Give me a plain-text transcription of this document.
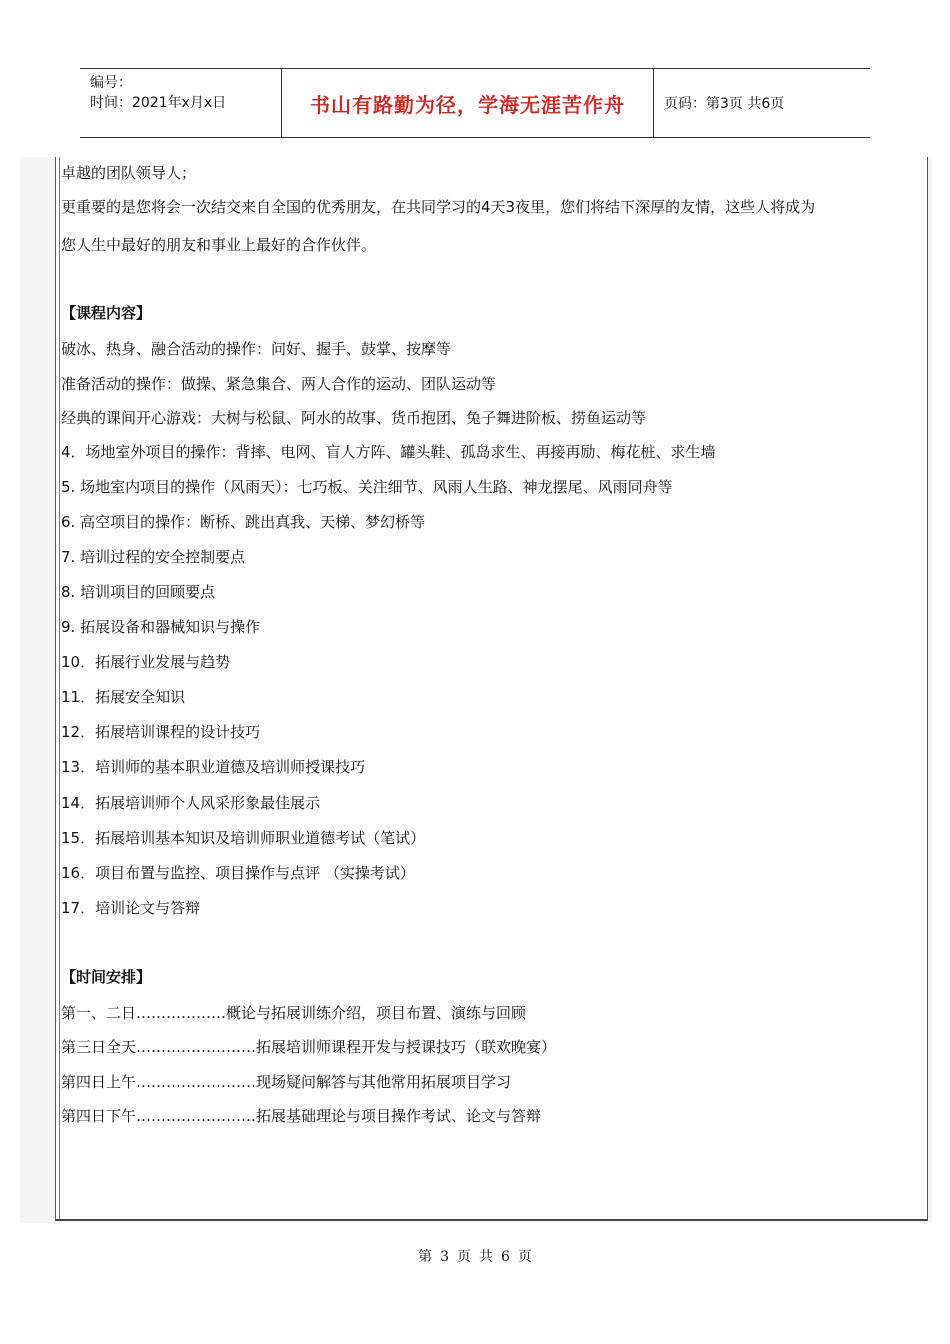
编号：
时间：2021年x月x日	书山有路勤为径，学海无涯苦作舟	页码：第3页 共6页
卓越的团队领导人；
更重要的是您将会一次结交来自全国的优秀朋友，在共同学习的4天3夜里，您们将结下深厚的友情，这些人将成为
您人生中最好的朋友和事业上最好的合作伙伴。
【课程内容】
破冰、热身、融合活动的操作：问好、握手、鼓掌、按摩等
准备活动的操作：做操、紧急集合、两人合作的运动、团队运动等
经典的课间开心游戏：大树与松鼠、阿水的故事、货币抱团、兔子舞进阶板、捞鱼运动等
4．场地室外项目的操作：背摔、电网、盲人方阵、罐头鞋、孤岛求生、再接再励、梅花桩、求生墙
5. 场地室内项目的操作（风雨天）：七巧板、关注细节、风雨人生路、神龙摆尾、风雨同舟等
6. 高空项目的操作：断桥、跳出真我、天梯、梦幻桥等
7. 培训过程的安全控制要点
8. 培训项目的回顾要点
9. 拓展设备和器械知识与操作
10．拓展行业发展与趋势
11．拓展安全知识
12．拓展培训课程的设计技巧
13．培训师的基本职业道德及培训师授课技巧
14．拓展培训师个人风采形象最佳展示
15．拓展培训基本知识及培训师职业道德考试（笔试）
16．项目布置与监控、项目操作与点评 （实操考试）
17．培训论文与答辩
【时间安排】
第一、二日………………概论与拓展训练介绍，项目布置、演练与回顾
第三日全天……………………拓展培训师课程开发与授课技巧（联欢晚宴）
第四日上午……………………现场疑问解答与其他常用拓展项目学习
第四日下午……………………拓展基础理论与项目操作考试、论文与答辩
第 3 页 共 6 页
